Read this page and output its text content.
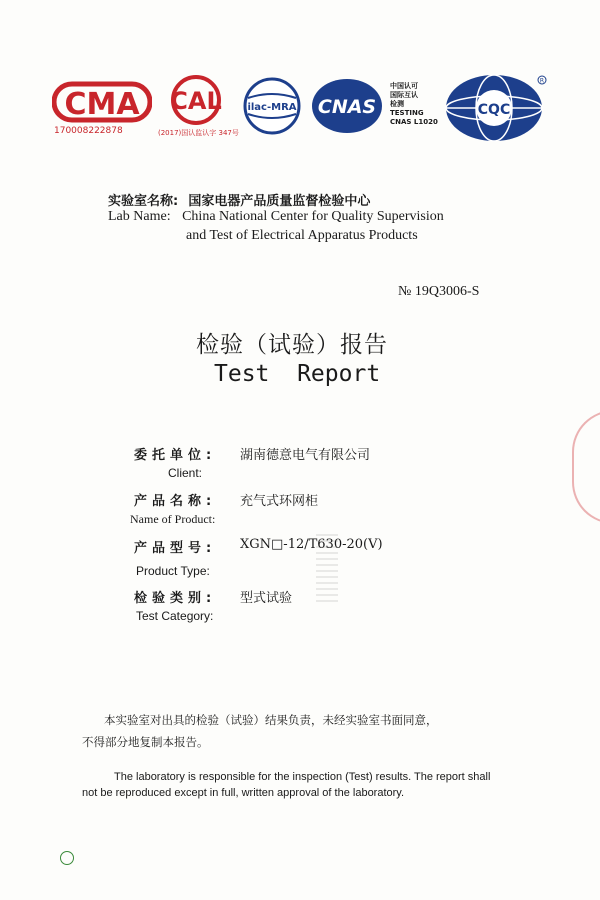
CMA
170008222878
CAL
(2017)国认监认字 347号
ilac-MRA CNAS
中国认可
国际互认
检测
TESTING
CNAS L1020
CQC
R
实验室名称: 国家电器产品质量监督检验中心
Lab Name: China National Center for Quality Supervision
and Test of Electrical Apparatus Products
№ 19Q3006-S
检验（试验）报告
Test  Report
委托单位: 湖南德意电气有限公司
Client:
产品名称: 充气式环网柜
Name of Product:
产品型号: XGN□-12/T630-20(V)
Product Type:
检验类别: 型式试验
Test Category:
本实验室对出具的检验（试验）结果负责，未经实验室书面同意，
不得部分地复制本报告。
The laboratory is responsible for the inspection (Test) results. The report shall
not be reproduced except in full, written approval of the laboratory.
